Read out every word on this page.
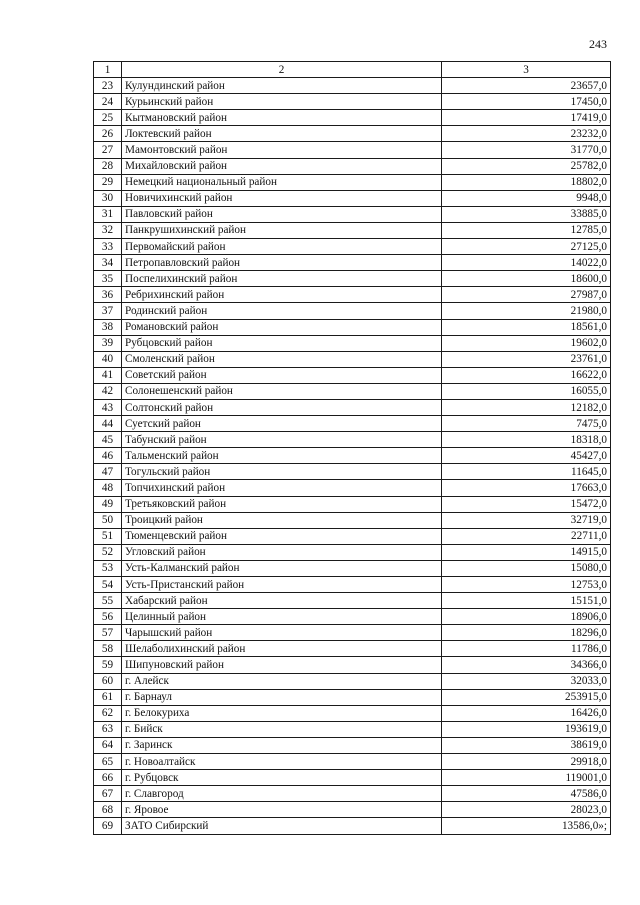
243
1	2	3
23	Кулундинский район	23657,0
24	Курьинский район	17450,0
25	Кытмановский район	17419,0
26	Локтевский район	23232,0
27	Мамонтовский район	31770,0
28	Михайловский район	25782,0
29	Немецкий национальный район	18802,0
30	Новичихинский район	9948,0
31	Павловский район	33885,0
32	Панкрушихинский район	12785,0
33	Первомайский район	27125,0
34	Петропавловский район	14022,0
35	Поспелихинский район	18600,0
36	Ребрихинский район	27987,0
37	Родинский район	21980,0
38	Романовский район	18561,0
39	Рубцовский район	19602,0
40	Смоленский район	23761,0
41	Советский район	16622,0
42	Солонешенский район	16055,0
43	Солтонский район	12182,0
44	Суетский район	7475,0
45	Табунский район	18318,0
46	Тальменский район	45427,0
47	Тогульский район	11645,0
48	Топчихинский район	17663,0
49	Третьяковский район	15472,0
50	Троицкий район	32719,0
51	Тюменцевский район	22711,0
52	Угловский район	14915,0
53	Усть-Калманский район	15080,0
54	Усть-Пристанский район	12753,0
55	Хабарский район	15151,0
56	Целинный район	18906,0
57	Чарышский район	18296,0
58	Шелаболихинский район	11786,0
59	Шипуновский район	34366,0
60	г. Алейск	32033,0
61	г. Барнаул	253915,0
62	г. Белокуриха	16426,0
63	г. Бийск	193619,0
64	г. Заринск	38619,0
65	г. Новоалтайск	29918,0
66	г. Рубцовск	119001,0
67	г. Славгород	47586,0
68	г. Яровое	28023,0
69	ЗАТО Сибирский	13586,0»;
